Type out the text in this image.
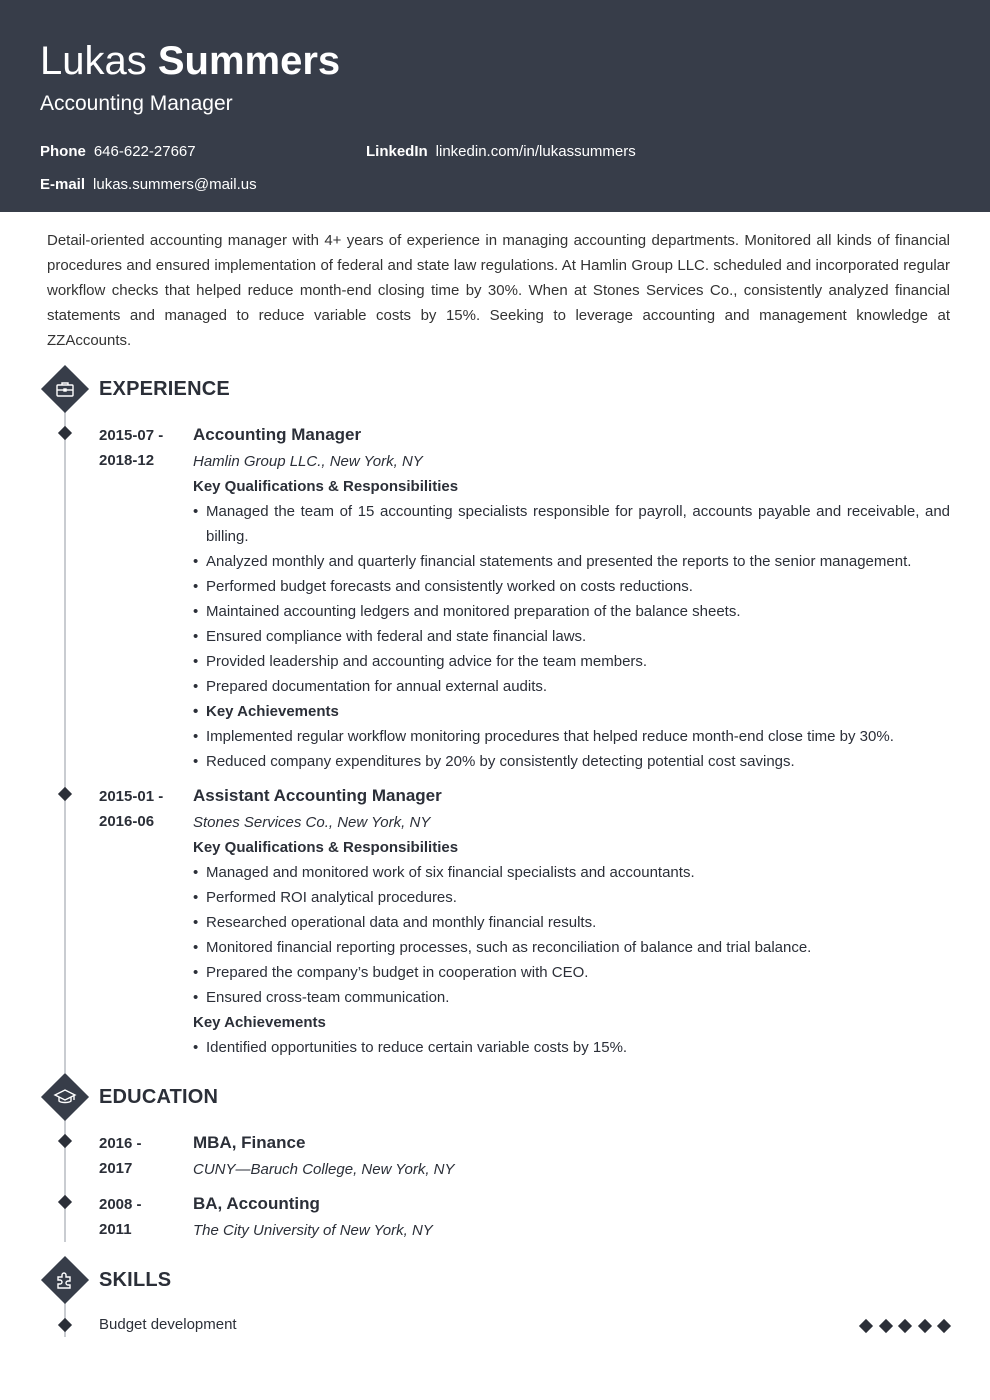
Lukas Summers
Accounting Manager
Phone 646-622-27667	LinkedIn linkedin.com/in/lukassummers
E-mail lukas.summers@mail.us

Detail-oriented accounting manager with 4+ years of experience in managing accounting departments. Monitored all kinds of financial procedures and ensured implementation of federal and state law regulations. At Hamlin Group LLC. scheduled and incorporated regular workflow checks that helped reduce month-end closing time by 30%. When at Stones Services Co., consistently analyzed financial statements and managed to reduce variable costs by 15%. Seeking to leverage accounting and management knowledge at ZZAccounts.

EXPERIENCE
2015-07 -
2018-12
Accounting Manager
Hamlin Group LLC., New York, NY
Key Qualifications & Responsibilities
• Managed the team of 15 accounting specialists responsible for payroll, accounts payable and receivable, and billing.
• Analyzed monthly and quarterly financial statements and presented the reports to the senior management.
• Performed budget forecasts and consistently worked on costs reductions.
• Maintained accounting ledgers and monitored preparation of the balance sheets.
• Ensured compliance with federal and state financial laws.
• Provided leadership and accounting advice for the team members.
• Prepared documentation for annual external audits.
• Key Achievements
• Implemented regular workflow monitoring procedures that helped reduce month-end close time by 30%.
• Reduced company expenditures by 20% by consistently detecting potential cost savings.
2015-01 -
2016-06
Assistant Accounting Manager
Stones Services Co., New York, NY
Key Qualifications & Responsibilities
• Managed and monitored work of six financial specialists and accountants.
• Performed ROI analytical procedures.
• Researched operational data and monthly financial results.
• Monitored financial reporting processes, such as reconciliation of balance and trial balance.
• Prepared the company’s budget in cooperation with CEO.
• Ensured cross-team communication.
Key Achievements
• Identified opportunities to reduce certain variable costs by 15%.
EDUCATION
2016 -
2017
MBA, Finance
CUNY—Baruch College, New York, NY
2008 -
2011
BA, Accounting
The City University of New York, NY
SKILLS
Budget development
